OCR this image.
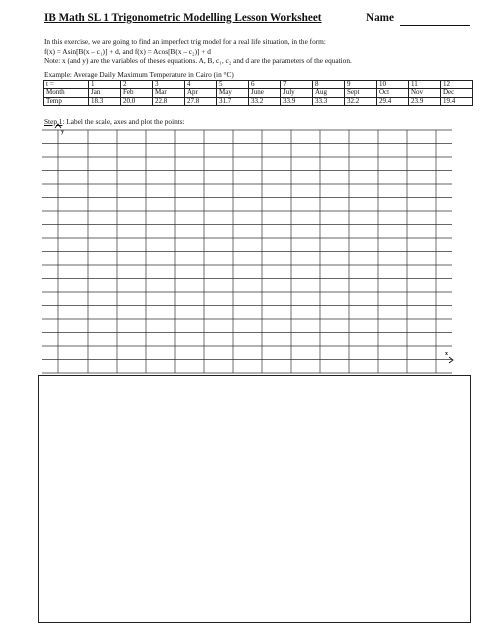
IB Math SL 1 Trigonometric Modelling Lesson Worksheet	Name
In this exercise, we are going to find an imperfect trig model for a real life situation, in the form:
f(x) = Asin[B(x – c₁)] + d, and f(x) = Acos[B(x – c₂)] + d
Note: x (and y) are the variables of theses equations. A, B, c₁, c₂ and d are the parameters of the equation.
Example: Average Daily Maximum Temperature in Cairo (in °C)
t =	1	2	3	4	5	6	7	8	9	10	11	12
Month	Jan	Feb	Mar	Apr	May	June	July	Aug	Sept	Oct	Nov	Dec
Temp	18.3	20.0	22.8	27.8	31.7	33.2	33.9	33.3	32.2	29.4	23.9	19.4
Step 1: Label the scale, axes and plot the points:
y
x
